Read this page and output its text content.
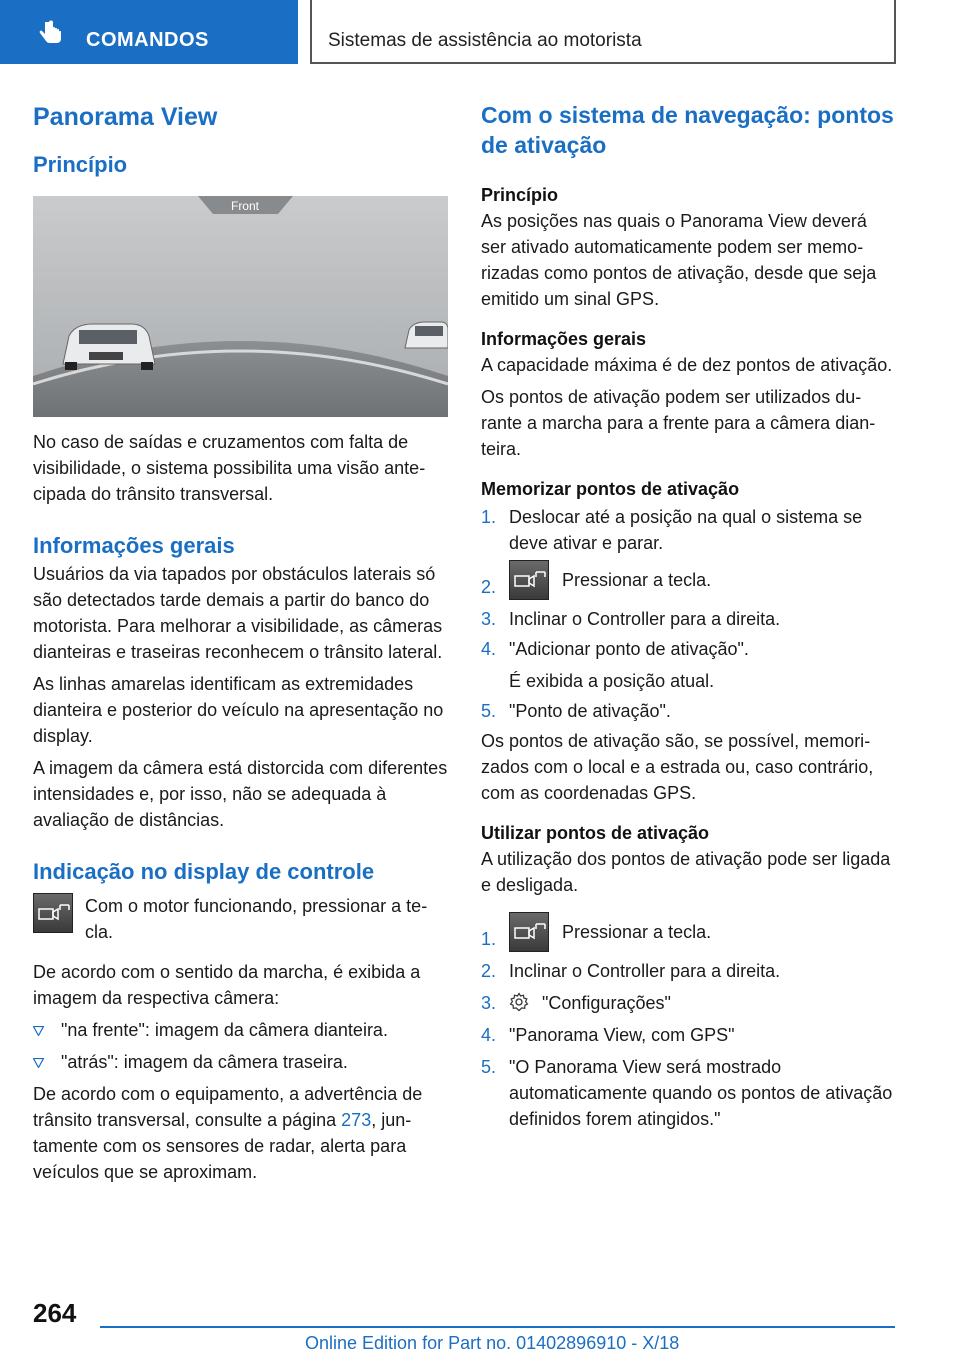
COMANDOS	Sistemas de assistência ao motorista
Panorama View
Princípio
Front

No caso de saídas e cruzamentos com falta de visibilidade, o sistema possibilita uma visão antecipada do trânsito transversal.

Informações gerais

Usuários da via tapados por obstáculos laterais só são detectados tarde demais a partir do banco do motorista. Para melhorar a visibilidade, as câmeras dianteiras e traseiras reconhecem o trânsito lateral.

As linhas amarelas identificam as extremidades dianteira e posterior do veículo na apresentação no display.

A imagem da câmera está distorcida com diferentes intensidades e, por isso, não se adequada à avaliação de distâncias.

Indicação no display de controle

Com o motor funcionando, pressionar a tecla.

De acordo com o sentido da marcha, é exibida a imagem da respectiva câmera:

"na frente": imagem da câmera dianteira.
"atrás": imagem da câmera traseira.

De acordo com o equipamento, a advertência de trânsito transversal, consulte a página 273, juntamente com os sensores de radar, alerta para veículos que se aproximam.

Com o sistema de navegação: pontos de ativação
Princípio

As posições nas quais o Panorama View deverá ser ativado automaticamente podem ser memorizadas como pontos de ativação, desde que seja emitido um sinal GPS.

Informações gerais

A capacidade máxima é de dez pontos de ativação.

Os pontos de ativação podem ser utilizados durante a marcha para a frente para a câmera dianteira.

Memorizar pontos de ativação
1. Deslocar até a posição na qual o sistema se deve ativar e parar.
2.	Pressionar a tecla.
3. Inclinar o Controller para a direita.
4. "Adicionar ponto de ativação".
É exibida a posição atual.
5. "Ponto de ativação".

Os pontos de ativação são, se possível, memorizados com o local e a estrada ou, caso contrário, com as coordenadas GPS.

Utilizar pontos de ativação

A utilização dos pontos de ativação pode ser ligada e desligada.

1.	Pressionar a tecla.
2. Inclinar o Controller para a direita.
3.	"Configurações"
4. "Panorama View, com GPS"
5. "O Panorama View será mostrado automaticamente quando os pontos de ativação definidos forem atingidos."
264
Online Edition for Part no. 01402896910 - X/18
